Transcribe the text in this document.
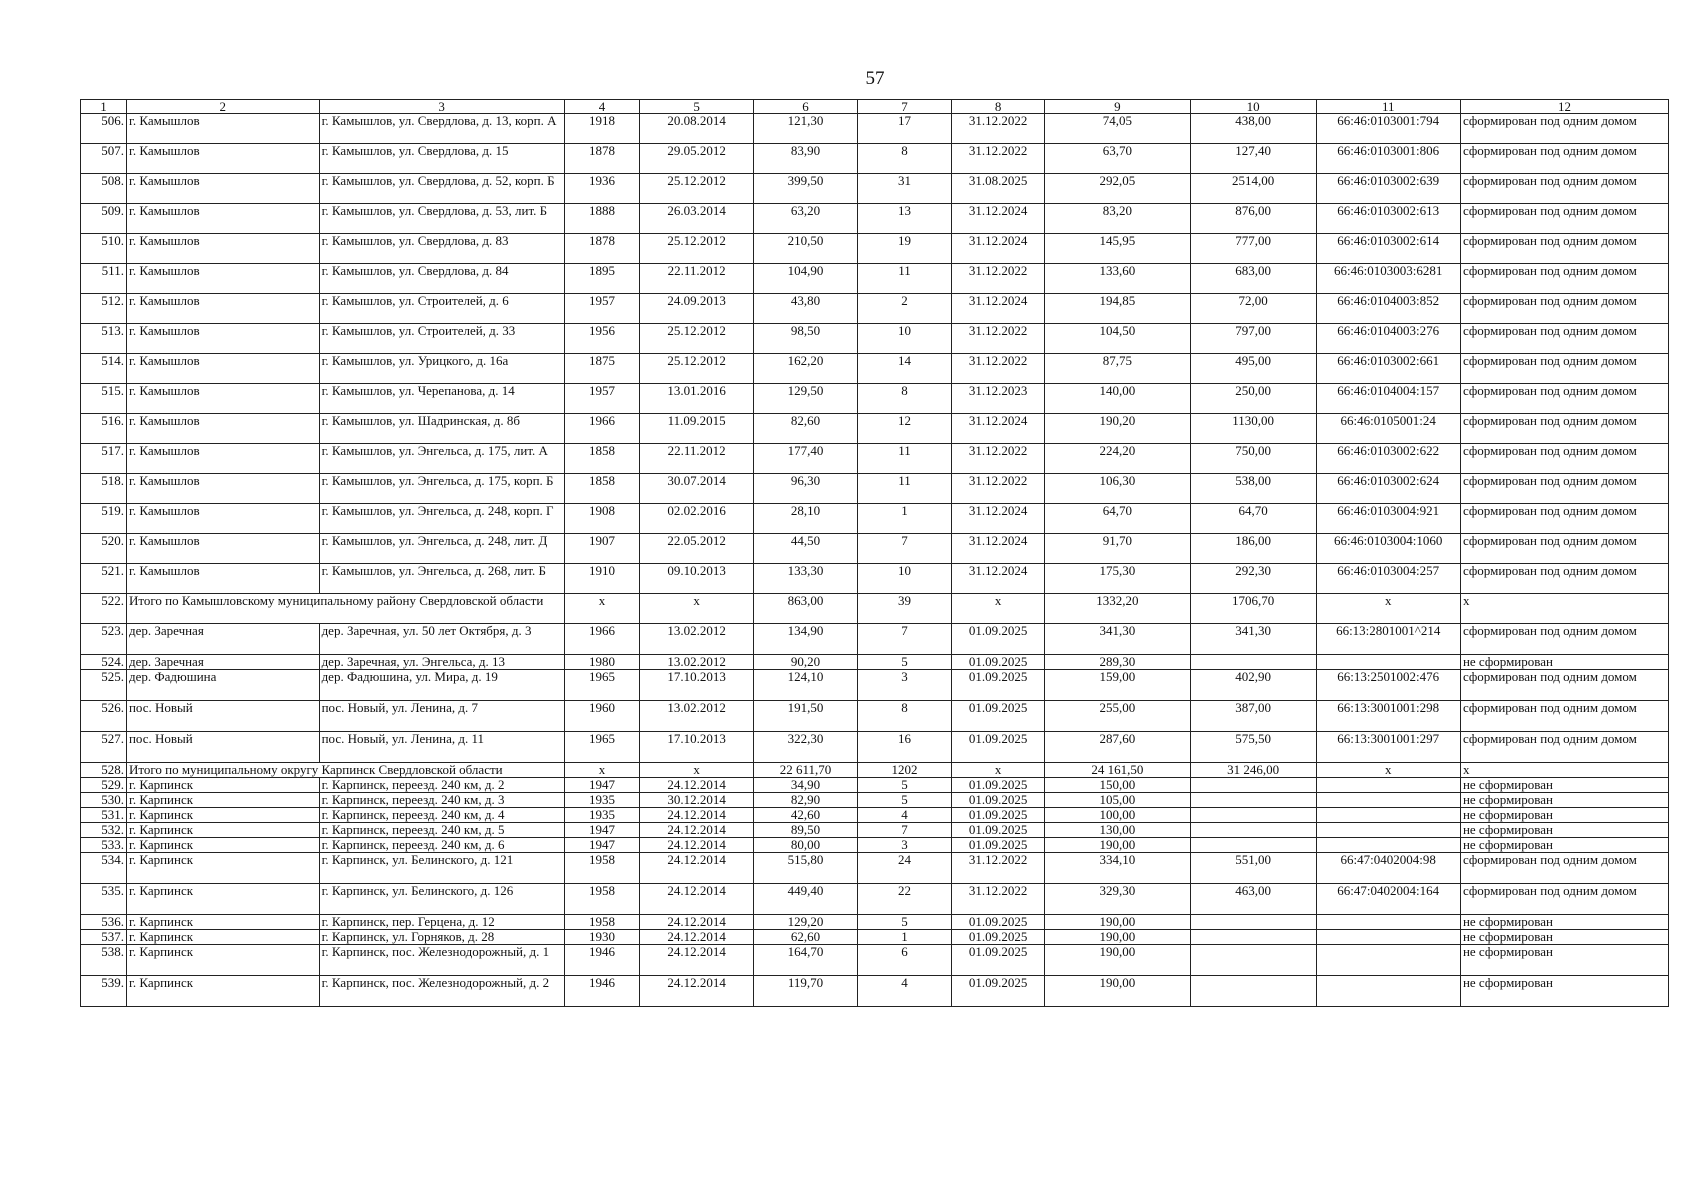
57
1	2	3	4	5	6	7	8	9	10	11	12
506.	г. Камышлов	г. Камышлов, ул. Свердлова, д. 13, корп. А	1918	20.08.2014	121,30	17	31.12.2022	74,05	438,00	66:46:0103001:794	сформирован под одним домом
507.	г. Камышлов	г. Камышлов, ул. Свердлова, д. 15	1878	29.05.2012	83,90	8	31.12.2022	63,70	127,40	66:46:0103001:806	сформирован под одним домом
508.	г. Камышлов	г. Камышлов, ул. Свердлова, д. 52, корп. Б	1936	25.12.2012	399,50	31	31.08.2025	292,05	2514,00	66:46:0103002:639	сформирован под одним домом
509.	г. Камышлов	г. Камышлов, ул. Свердлова, д. 53, лит. Б	1888	26.03.2014	63,20	13	31.12.2024	83,20	876,00	66:46:0103002:613	сформирован под одним домом
510.	г. Камышлов	г. Камышлов, ул. Свердлова, д. 83	1878	25.12.2012	210,50	19	31.12.2024	145,95	777,00	66:46:0103002:614	сформирован под одним домом
511.	г. Камышлов	г. Камышлов, ул. Свердлова, д. 84	1895	22.11.2012	104,90	11	31.12.2022	133,60	683,00	66:46:0103003:6281	сформирован под одним домом
512.	г. Камышлов	г. Камышлов, ул. Строителей, д. 6	1957	24.09.2013	43,80	2	31.12.2024	194,85	72,00	66:46:0104003:852	сформирован под одним домом
513.	г. Камышлов	г. Камышлов, ул. Строителей, д. 33	1956	25.12.2012	98,50	10	31.12.2022	104,50	797,00	66:46:0104003:276	сформирован под одним домом
514.	г. Камышлов	г. Камышлов, ул. Урицкого, д. 16а	1875	25.12.2012	162,20	14	31.12.2022	87,75	495,00	66:46:0103002:661	сформирован под одним домом
515.	г. Камышлов	г. Камышлов, ул. Черепанова, д. 14	1957	13.01.2016	129,50	8	31.12.2023	140,00	250,00	66:46:0104004:157	сформирован под одним домом
516.	г. Камышлов	г. Камышлов, ул. Шадринская, д. 8б	1966	11.09.2015	82,60	12	31.12.2024	190,20	1130,00	66:46:0105001:24	сформирован под одним домом
517.	г. Камышлов	г. Камышлов, ул. Энгельса, д. 175, лит. А	1858	22.11.2012	177,40	11	31.12.2022	224,20	750,00	66:46:0103002:622	сформирован под одним домом
518.	г. Камышлов	г. Камышлов, ул. Энгельса, д. 175, корп. Б	1858	30.07.2014	96,30	11	31.12.2022	106,30	538,00	66:46:0103002:624	сформирован под одним домом
519.	г. Камышлов	г. Камышлов, ул. Энгельса, д. 248, корп. Г	1908	02.02.2016	28,10	1	31.12.2024	64,70	64,70	66:46:0103004:921	сформирован под одним домом
520.	г. Камышлов	г. Камышлов, ул. Энгельса, д. 248, лит. Д	1907	22.05.2012	44,50	7	31.12.2024	91,70	186,00	66:46:0103004:1060	сформирован под одним домом
521.	г. Камышлов	г. Камышлов, ул. Энгельса, д. 268, лит. Б	1910	09.10.2013	133,30	10	31.12.2024	175,30	292,30	66:46:0103004:257	сформирован под одним домом
522.	Итого по Камышловскому муниципальному району Свердловской области		x	x	863,00	39	x	1332,20	1706,70	x	x
523.	дер. Заречная	дер. Заречная, ул. 50 лет Октября, д. 3	1966	13.02.2012	134,90	7	01.09.2025	341,30	341,30	66:13:2801001^214	сформирован под одним домом
524.	дер. Заречная	дер. Заречная, ул. Энгельса, д. 13	1980	13.02.2012	90,20	5	01.09.2025	289,30			не сформирован
525.	дер. Фадюшина	дер. Фадюшина, ул. Мира, д. 19	1965	17.10.2013	124,10	3	01.09.2025	159,00	402,90	66:13:2501002:476	сформирован под одним домом
526.	пос. Новый	пос. Новый, ул. Ленина, д. 7	1960	13.02.2012	191,50	8	01.09.2025	255,00	387,00	66:13:3001001:298	сформирован под одним домом
527.	пос. Новый	пос. Новый, ул. Ленина, д. 11	1965	17.10.2013	322,30	16	01.09.2025	287,60	575,50	66:13:3001001:297	сформирован под одним домом
528.	Итого по муниципальному округу Карпинск Свердловской области		x	x	22 611,70	1202	x	24 161,50	31 246,00	x	x
529.	г. Карпинск	г. Карпинск, переезд. 240 км, д. 2	1947	24.12.2014	34,90	5	01.09.2025	150,00			не сформирован
530.	г. Карпинск	г. Карпинск, переезд. 240 км, д. 3	1935	30.12.2014	82,90	5	01.09.2025	105,00			не сформирован
531.	г. Карпинск	г. Карпинск, переезд. 240 км, д. 4	1935	24.12.2014	42,60	4	01.09.2025	100,00			не сформирован
532.	г. Карпинск	г. Карпинск, переезд. 240 км, д. 5	1947	24.12.2014	89,50	7	01.09.2025	130,00			не сформирован
533.	г. Карпинск	г. Карпинск, переезд. 240 км, д. 6	1947	24.12.2014	80,00	3	01.09.2025	190,00			не сформирован
534.	г. Карпинск	г. Карпинск, ул. Белинского, д. 121	1958	24.12.2014	515,80	24	31.12.2022	334,10	551,00	66:47:0402004:98	сформирован под одним домом
535.	г. Карпинск	г. Карпинск, ул. Белинского, д. 126	1958	24.12.2014	449,40	22	31.12.2022	329,30	463,00	66:47:0402004:164	сформирован под одним домом
536.	г. Карпинск	г. Карпинск, пер. Герцена, д. 12	1958	24.12.2014	129,20	5	01.09.2025	190,00			не сформирован
537.	г. Карпинск	г. Карпинск, ул. Горняков, д. 28	1930	24.12.2014	62,60	1	01.09.2025	190,00			не сформирован
538.	г. Карпинск	г. Карпинск, пос. Железнодорожный, д. 1	1946	24.12.2014	164,70	6	01.09.2025	190,00			не сформирован
539.	г. Карпинск	г. Карпинск, пос. Железнодорожный, д. 2	1946	24.12.2014	119,70	4	01.09.2025	190,00			не сформирован
